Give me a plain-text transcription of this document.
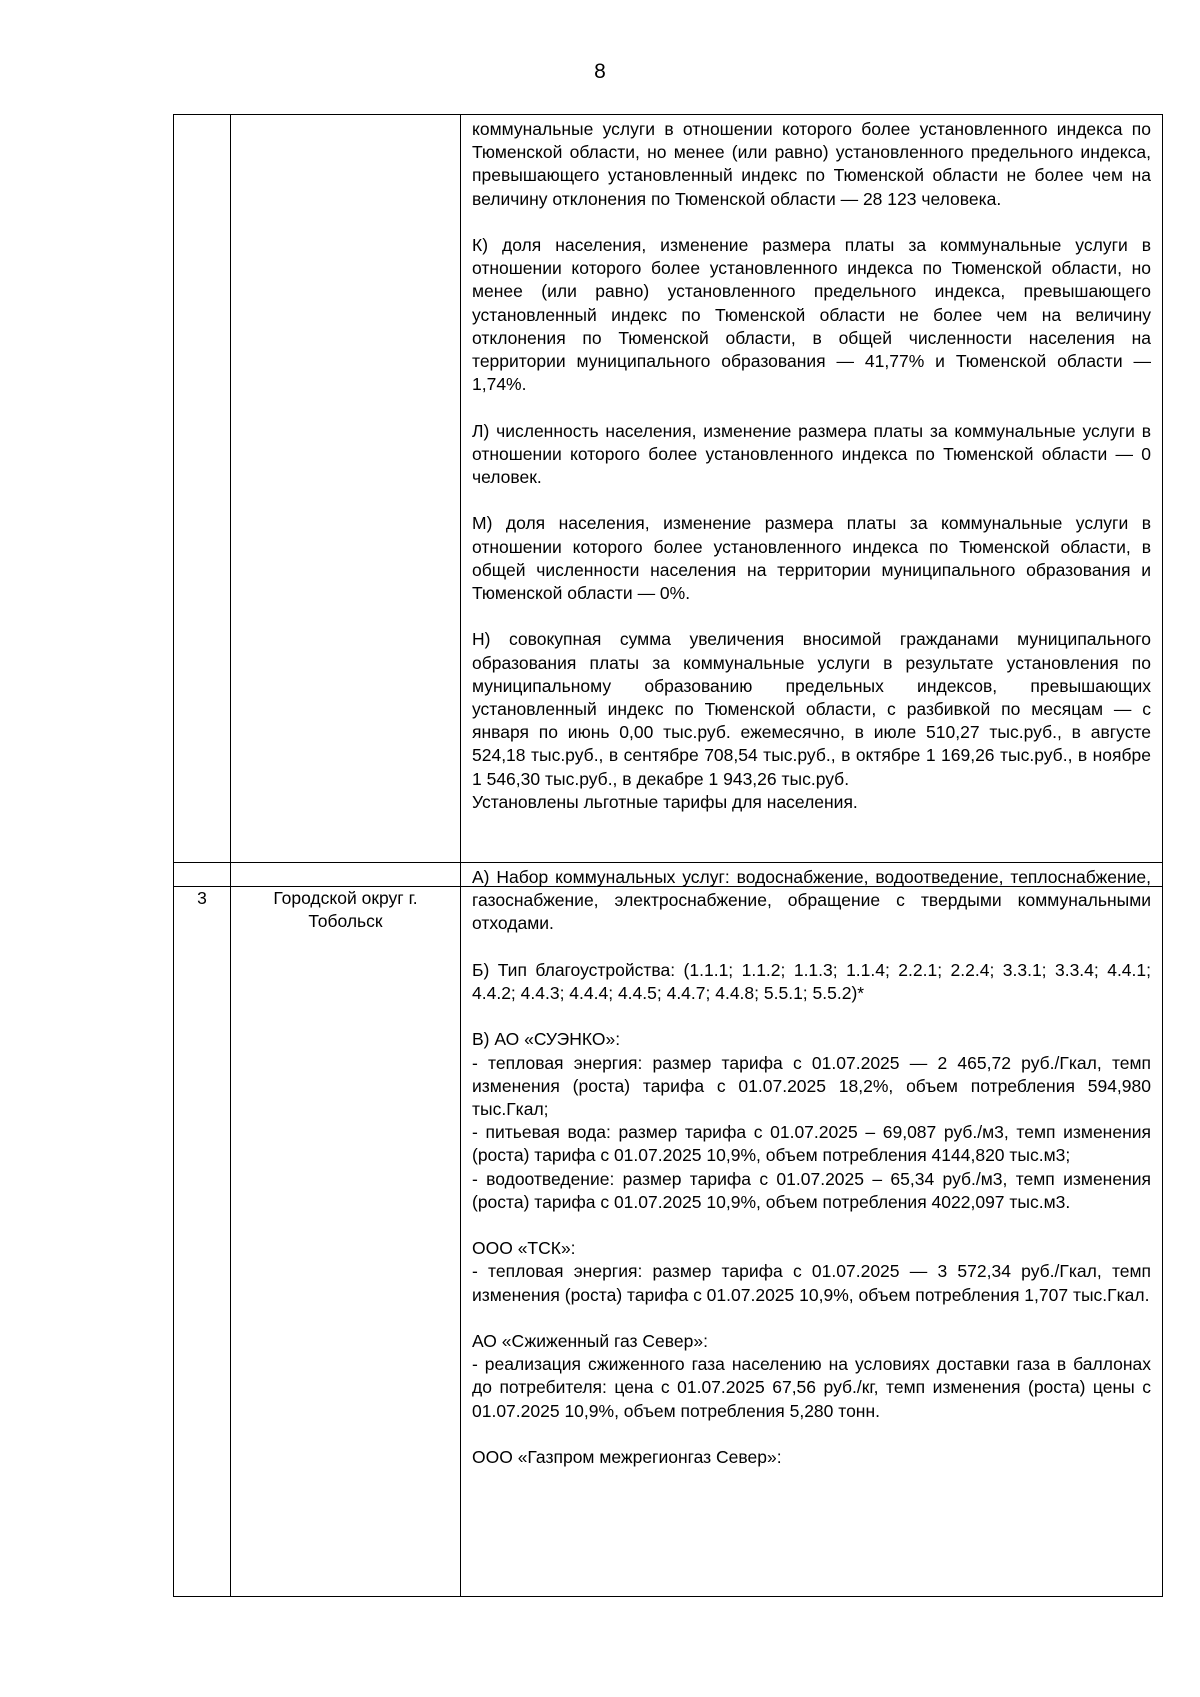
8

коммунальные услуги в отношении которого более установленного индекса по Тюменской области, но менее (или равно) установленного предельного индекса, превышающего установленный индекс по Тюменской области не более чем на величину отклонения по Тюменской области — 28 123 человека.

К) доля населения, изменение размера платы за коммунальные услуги в отношении которого более установленного индекса по Тюменской области, но менее (или равно) установленного предельного индекса, превышающего установленный индекс по Тюменской области не более чем на величину отклонения по Тюменской области, в общей численности населения на территории муниципального образования — 41,77% и Тюменской области — 1,74%.

Л) численность населения, изменение размера платы за коммунальные услуги в отношении которого более установленного индекса по Тюменской области — 0 человек.

М) доля населения, изменение размера платы за коммунальные услуги в отношении которого более установленного индекса по Тюменской области, в общей численности населения на территории муниципального образования и Тюменской области — 0%.

Н) совокупная сумма увеличения вносимой гражданами муниципального образования платы за коммунальные услуги в результате установления по муниципальному образованию предельных индексов, превышающих установленный индекс по Тюменской области, с разбивкой по месяцам — с января по июнь 0,00 тыс.руб. ежемесячно, в июле 510,27 тыс.руб., в августе 524,18 тыс.руб., в сентябре 708,54 тыс.руб., в октябре 1 169,26 тыс.руб., в ноябре 1 546,30 тыс.руб., в декабре 1 943,26 тыс.руб.

Установлены льготные тарифы для населения.

3	Городской округ г. Тобольск	

А) Набор коммунальных услуг: водоснабжение, водоотведение, теплоснабжение, газоснабжение, электроснабжение, обращение с твердыми коммунальными отходами.

Б) Тип благоустройства: (1.1.1; 1.1.2; 1.1.3; 1.1.4; 2.2.1; 2.2.4; 3.3.1; 3.3.4; 4.4.1; 4.4.2; 4.4.3; 4.4.4; 4.4.5; 4.4.7; 4.4.8; 5.5.1; 5.5.2)*

В) АО «СУЭНКО»:
- тепловая энергия: размер тарифа с 01.07.2025 — 2 465,72 руб./Гкал, темп изменения (роста) тарифа с 01.07.2025 18,2%, объем потребления 594,980 тыс.Гкал;
- питьевая вода: размер тарифа с 01.07.2025 – 69,087 руб./м3, темп изменения (роста) тарифа с 01.07.2025 10,9%, объем потребления 4144,820 тыс.м3;
- водоотведение: размер тарифа с 01.07.2025 – 65,34 руб./м3, темп изменения (роста) тарифа с 01.07.2025 10,9%, объем потребления 4022,097 тыс.м3.

ООО «ТСК»:
- тепловая энергия: размер тарифа с 01.07.2025 — 3 572,34 руб./Гкал, темп изменения (роста) тарифа с 01.07.2025 10,9%, объем потребления 1,707 тыс.Гкал.

АО «Сжиженный газ Север»:
- реализация сжиженного газа населению на условиях доставки газа в баллонах до потребителя: цена с 01.07.2025 67,56 руб./кг, темп изменения (роста) цены с 01.07.2025 10,9%, объем потребления 5,280 тонн.

ООО «Газпром межрегионгаз Север»:
